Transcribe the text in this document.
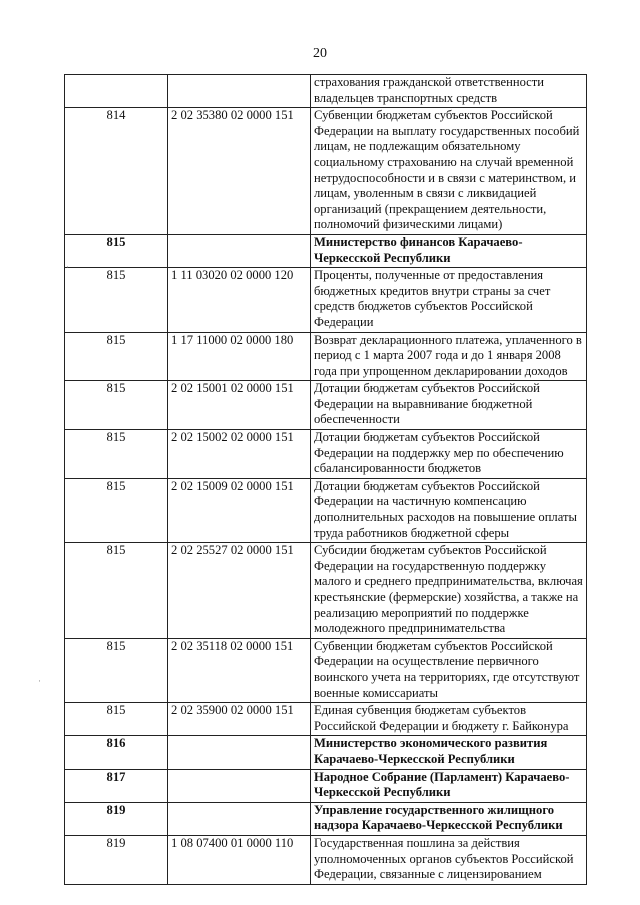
20
		страхования гражданской ответственности владельцев транспортных средств
814	2 02 35380 02 0000 151	Субвенции бюджетам субъектов Российской Федерации на выплату государственных пособий лицам, не подлежащим обязательному социальному страхованию на случай временной нетрудоспособности и в связи с материнством, и лицам, уволенным в связи с ликвидацией организаций (прекращением деятельности, полномочий физическими лицами)
815		Министерство финансов Карачаево-Черкесской Республики
815	1 11 03020 02 0000 120	Проценты, полученные от предоставления бюджетных кредитов внутри страны за счет средств бюджетов субъектов Российской Федерации
815	1 17 11000 02 0000 180	Возврат декларационного платежа, уплаченного в период с 1 марта 2007 года и до 1 января 2008 года при упрощенном декларировании доходов
815	2 02 15001 02 0000 151	Дотации бюджетам субъектов Российской Федерации на выравнивание бюджетной обеспеченности
815	2 02 15002 02 0000 151	Дотации бюджетам субъектов Российской Федерации на поддержку мер по обеспечению сбалансированности бюджетов
815	2 02 15009 02 0000 151	Дотации бюджетам субъектов Российской Федерации на частичную компенсацию дополнительных расходов на повышение оплаты труда работников бюджетной сферы
815	2 02 25527 02 0000 151	Субсидии бюджетам субъектов Российской Федерации на государственную поддержку малого и среднего предпринимательства, включая крестьянские (фермерские) хозяйства, а также на реализацию мероприятий по поддержке молодежного предпринимательства
815	2 02 35118 02 0000 151	Субвенции бюджетам субъектов Российской Федерации на осуществление первичного воинского учета на территориях, где отсутствуют военные комиссариаты
815	2 02 35900 02 0000 151	Единая субвенция бюджетам субъектов Российской Федерации и бюджету г. Байконура
816		Министерство экономического развития Карачаево-Черкесской Республики
817		Народное Собрание (Парламент) Карачаево-Черкесской Республики
819		Управление государственного жилищного надзора Карачаево-Черкесской Республики
819	1 08 07400 01 0000 110	Государственная пошлина за действия уполномоченных органов субъектов Российской Федерации, связанные с лицензированием
·
·
